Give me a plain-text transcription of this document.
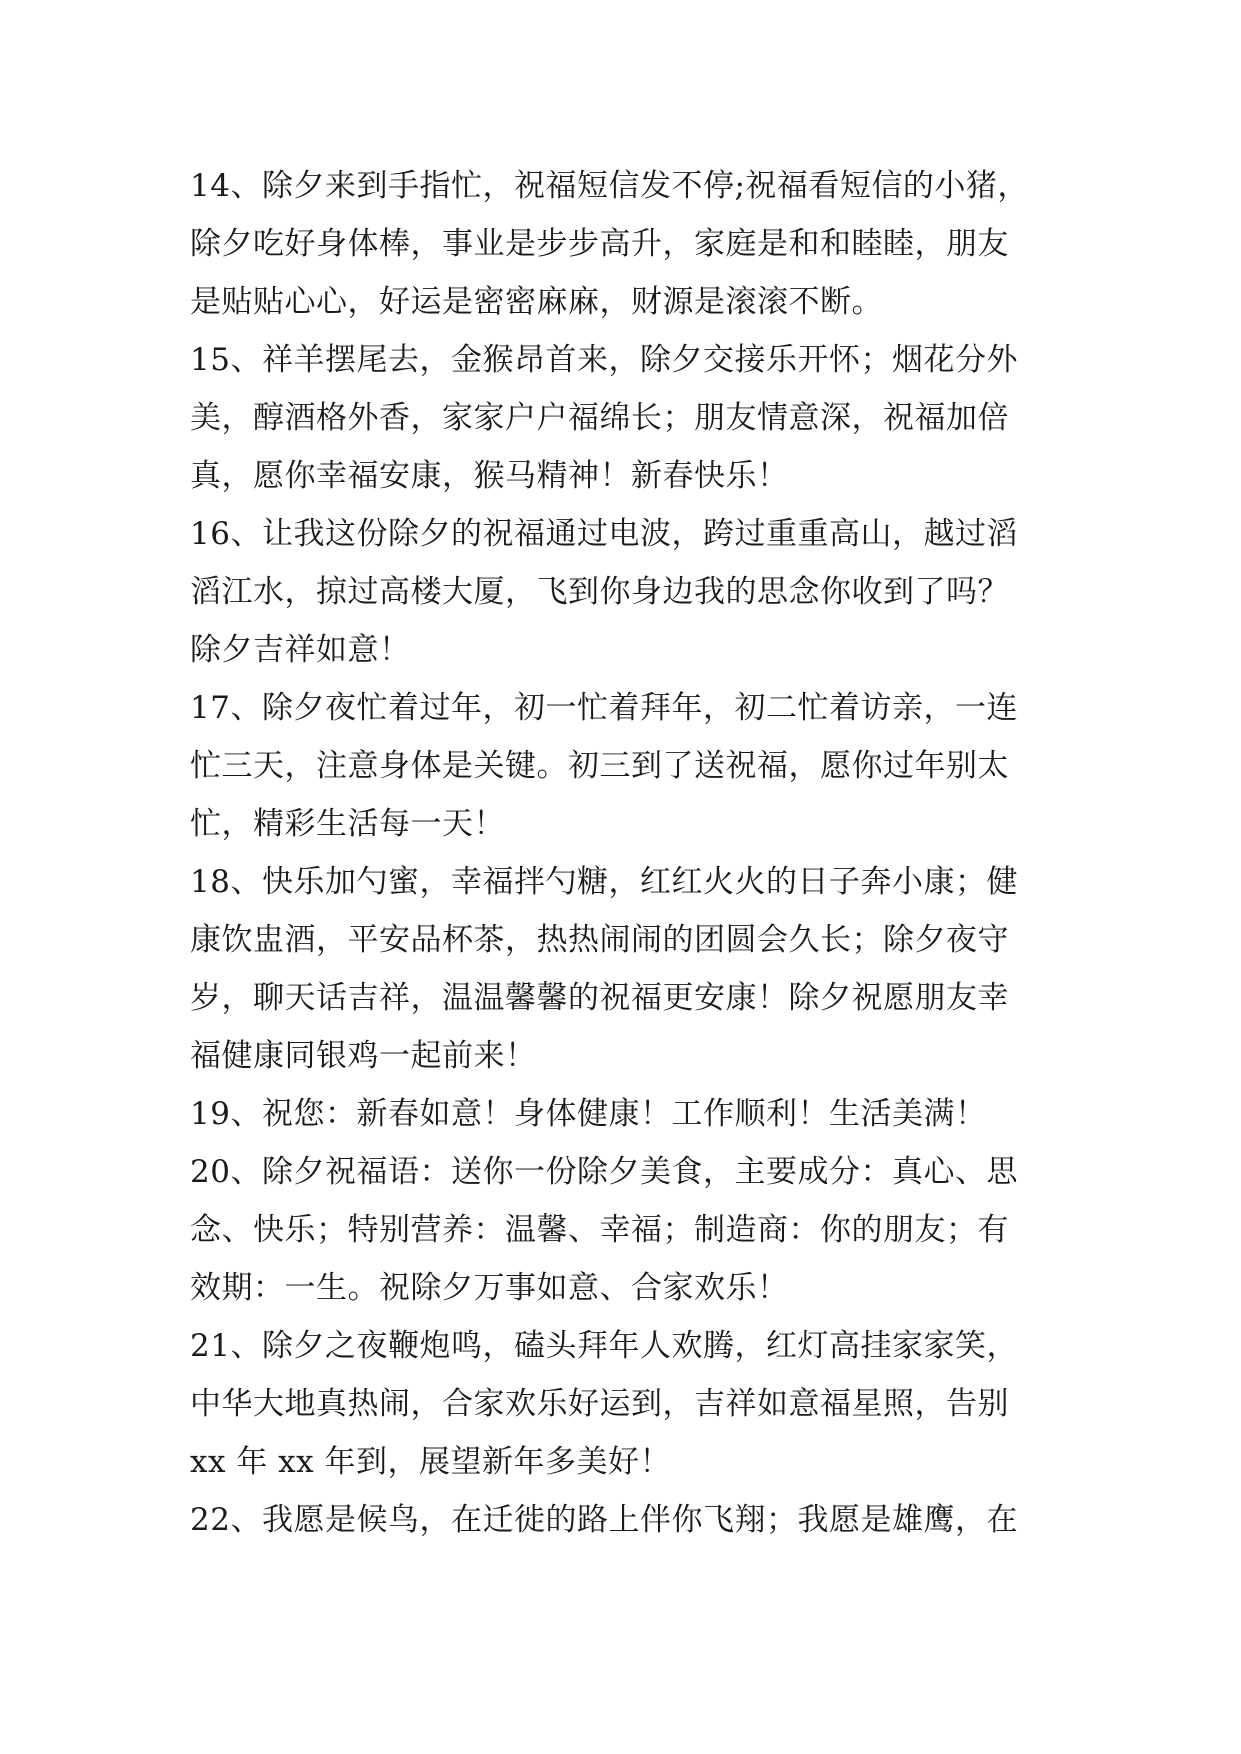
14、除夕来到手指忙，祝福短信发不停;祝福看短信的小猪，
除夕吃好身体棒，事业是步步高升，家庭是和和睦睦，朋友
是贴贴心心，好运是密密麻麻，财源是滚滚不断。
15、祥羊摆尾去，金猴昂首来，除夕交接乐开怀；烟花分外
美，醇酒格外香，家家户户福绵长；朋友情意深，祝福加倍
真，愿你幸福安康，猴马精神！新春快乐！
16、让我这份除夕的祝福通过电波，跨过重重高山，越过滔
滔江水，掠过高楼大厦，飞到你身边我的思念你收到了吗？
除夕吉祥如意！
17、除夕夜忙着过年，初一忙着拜年，初二忙着访亲，一连
忙三天，注意身体是关键。初三到了送祝福，愿你过年别太
忙，精彩生活每一天！
18、快乐加勺蜜，幸福拌勺糖，红红火火的日子奔小康；健
康饮盅酒，平安品杯茶，热热闹闹的团圆会久长；除夕夜守
岁，聊天话吉祥，温温馨馨的祝福更安康！除夕祝愿朋友幸
福健康同银鸡一起前来！
19、祝您：新春如意！身体健康！工作顺利！生活美满！
20、除夕祝福语：送你一份除夕美食，主要成分：真心、思
念、快乐；特别营养：温馨、幸福；制造商：你的朋友；有
效期：一生。祝除夕万事如意、合家欢乐！
21、除夕之夜鞭炮鸣，磕头拜年人欢腾，红灯高挂家家笑，
中华大地真热闹，合家欢乐好运到，吉祥如意福星照，告别
xx 年 xx 年到，展望新年多美好！
22、我愿是候鸟，在迁徙的路上伴你飞翔；我愿是雄鹰，在
